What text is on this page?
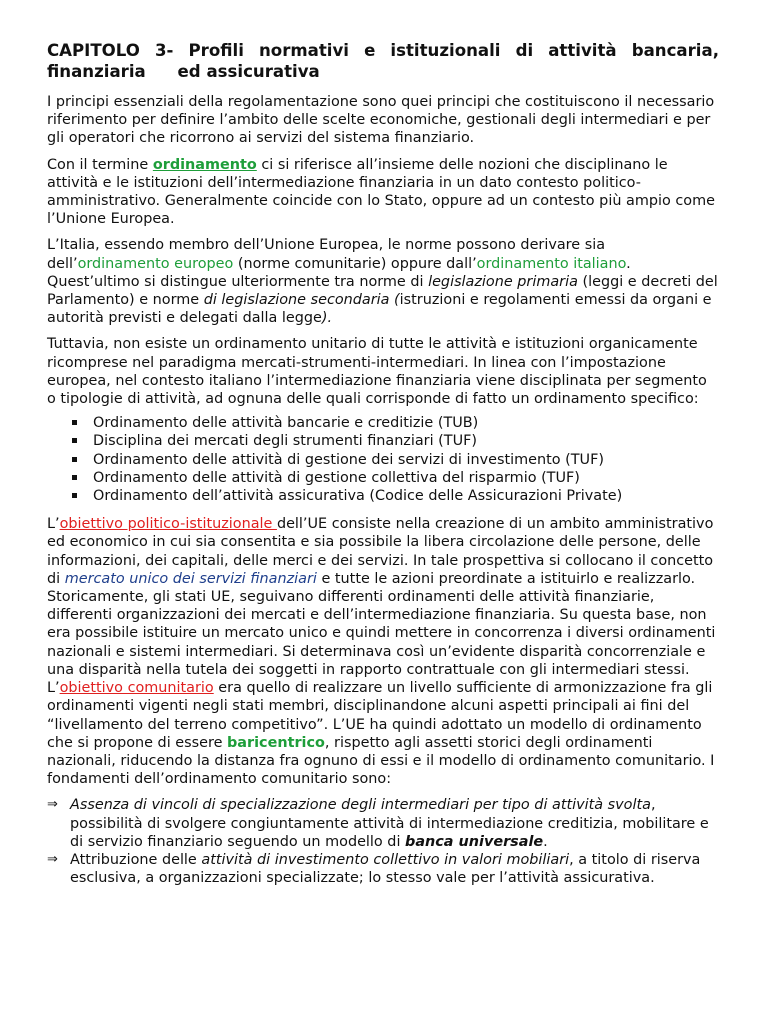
CAPITOLO 3- Profili normativi e istituzionali di attività bancaria,
finanziaria ed assicurativa

I principi essenziali della regolamentazione sono quei principi che costituiscono il necessario riferimento per definire l’ambito delle scelte economiche, gestionali degli intermediari e per gli operatori che ricorrono ai servizi del sistema finanziario.

Con il termine ordinamento ci si riferisce all’insieme delle nozioni che disciplinano le attività e le istituzioni dell’intermediazione finanziaria in un dato contesto politico-amministrativo. Generalmente coincide con lo Stato, oppure ad un contesto più ampio come l’Unione Europea.

L’Italia, essendo membro dell’Unione Europea, le norme possono derivare sia dell’ordinamento europeo (norme comunitarie) oppure dall’ordinamento italiano. Quest’ultimo si distingue ulteriormente tra norme di legislazione primaria (leggi e decreti del Parlamento) e norme di legislazione secondaria (istruzioni e regolamenti emessi da organi e autorità previsti e delegati dalla legge).

Tuttavia, non esiste un ordinamento unitario di tutte le attività e istituzioni organicamente ricomprese nel paradigma mercati-strumenti-intermediari. In linea con l’impostazione europea, nel contesto italiano l’intermediazione finanziaria viene disciplinata per segmento o tipologie di attività, ad ognuna delle quali corrisponde di fatto un ordinamento specifico:

Ordinamento delle attività bancarie e creditizie (TUB)
Disciplina dei mercati degli strumenti finanziari (TUF)
Ordinamento delle attività di gestione dei servizi di investimento (TUF)
Ordinamento delle attività di gestione collettiva del risparmio (TUF)
Ordinamento dell’attività assicurativa (Codice delle Assicurazioni Private)

L’obiettivo politico-istituzionale dell’UE consiste nella creazione di un ambito amministrativo ed economico in cui sia consentita e sia possibile la libera circolazione delle persone, delle informazioni, dei capitali, delle merci e dei servizi. In tale prospettiva si collocano il concetto di mercato unico dei servizi finanziari e tutte le azioni preordinate a istituirlo e realizzarlo. Storicamente, gli stati UE, seguivano differenti ordinamenti delle attività finanziarie, differenti organizzazioni dei mercati e dell’intermediazione finanziaria. Su questa base, non era possibile istituire un mercato unico e quindi mettere in concorrenza i diversi ordinamenti nazionali e sistemi intermediari. Si determinava così un’evidente disparità concorrenziale e una disparità nella tutela dei soggetti in rapporto contrattuale con gli intermediari stessi. L’obiettivo comunitario era quello di realizzare un livello sufficiente di armonizzazione fra gli ordinamenti vigenti negli stati membri, disciplinandone alcuni aspetti principali ai fini del “livellamento del terreno competitivo”. L’UE ha quindi adottato un modello di ordinamento che si propone di essere baricentrico, rispetto agli assetti storici degli ordinamenti nazionali, riducendo la distanza fra ognuno di essi e il modello di ordinamento comunitario. I fondamenti dell’ordinamento comunitario sono:

⇒ Assenza di vincoli di specializzazione degli intermediari per tipo di attività svolta, possibilità di svolgere congiuntamente attività di intermediazione creditizia, mobilitare e di servizio finanziario seguendo un modello di banca universale.
⇒ Attribuzione delle attività di investimento collettivo in valori mobiliari, a titolo di riserva esclusiva, a organizzazioni specializzate; lo stesso vale per l’attività assicurativa.
